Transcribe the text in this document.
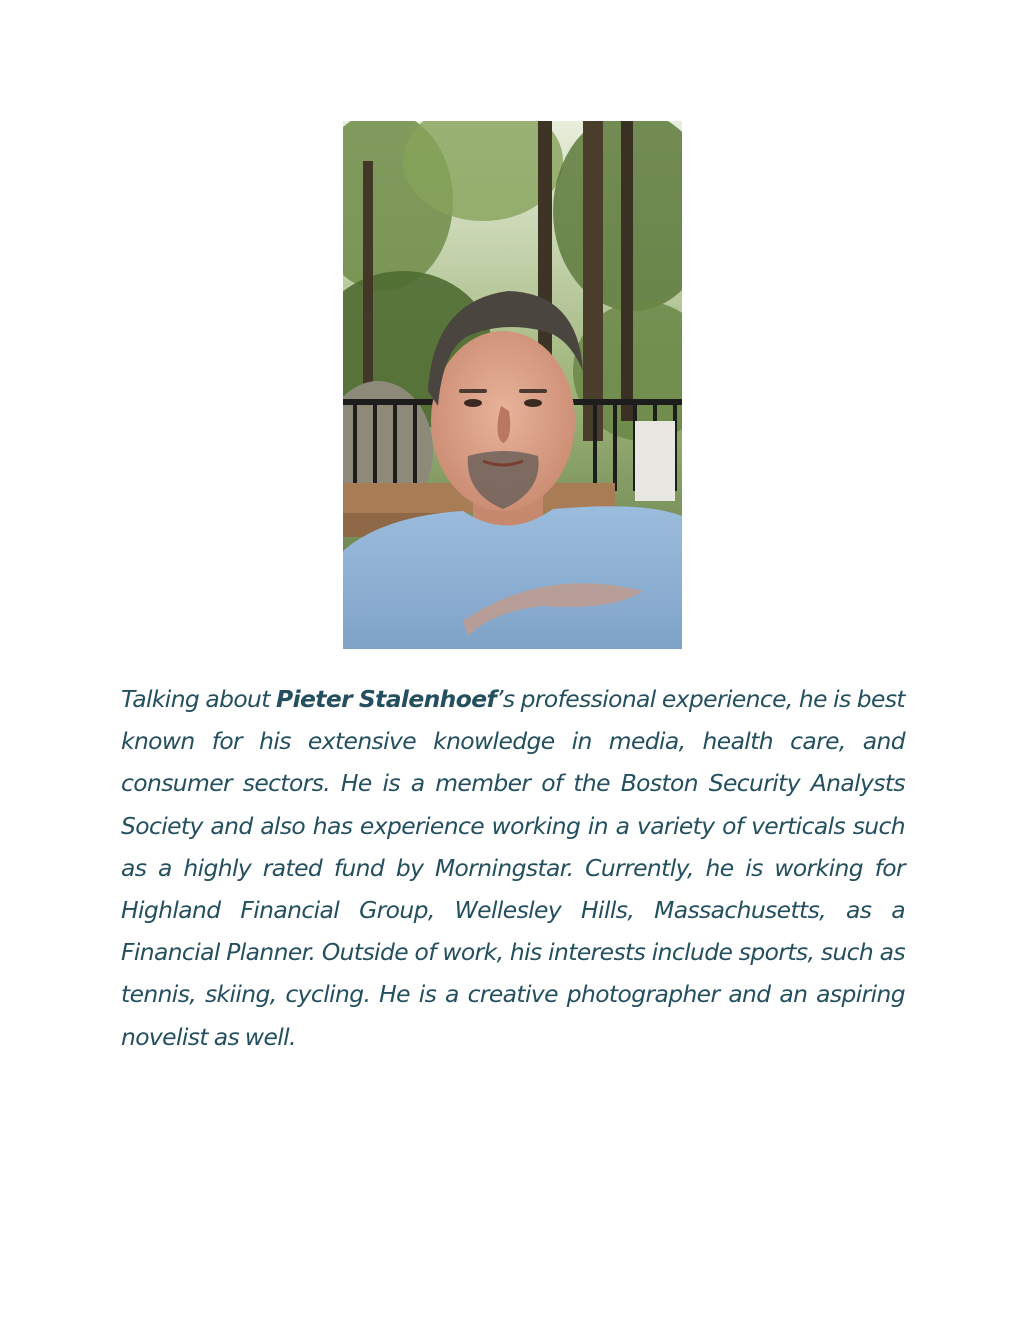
Talking about Pieter Stalenhoef’s professional experience, he is best known for his extensive knowledge in media, health care, and consumer sectors. He is a member of the Boston Security Analysts Society and also has experience working in a variety of verticals such as a highly rated fund by Morningstar. Currently, he is working for Highland Financial Group, Wellesley Hills, Massachusetts, as a Financial Planner. Outside of work, his interests include sports, such as tennis, skiing, cycling. He is a creative photographer and an aspiring novelist as well.
